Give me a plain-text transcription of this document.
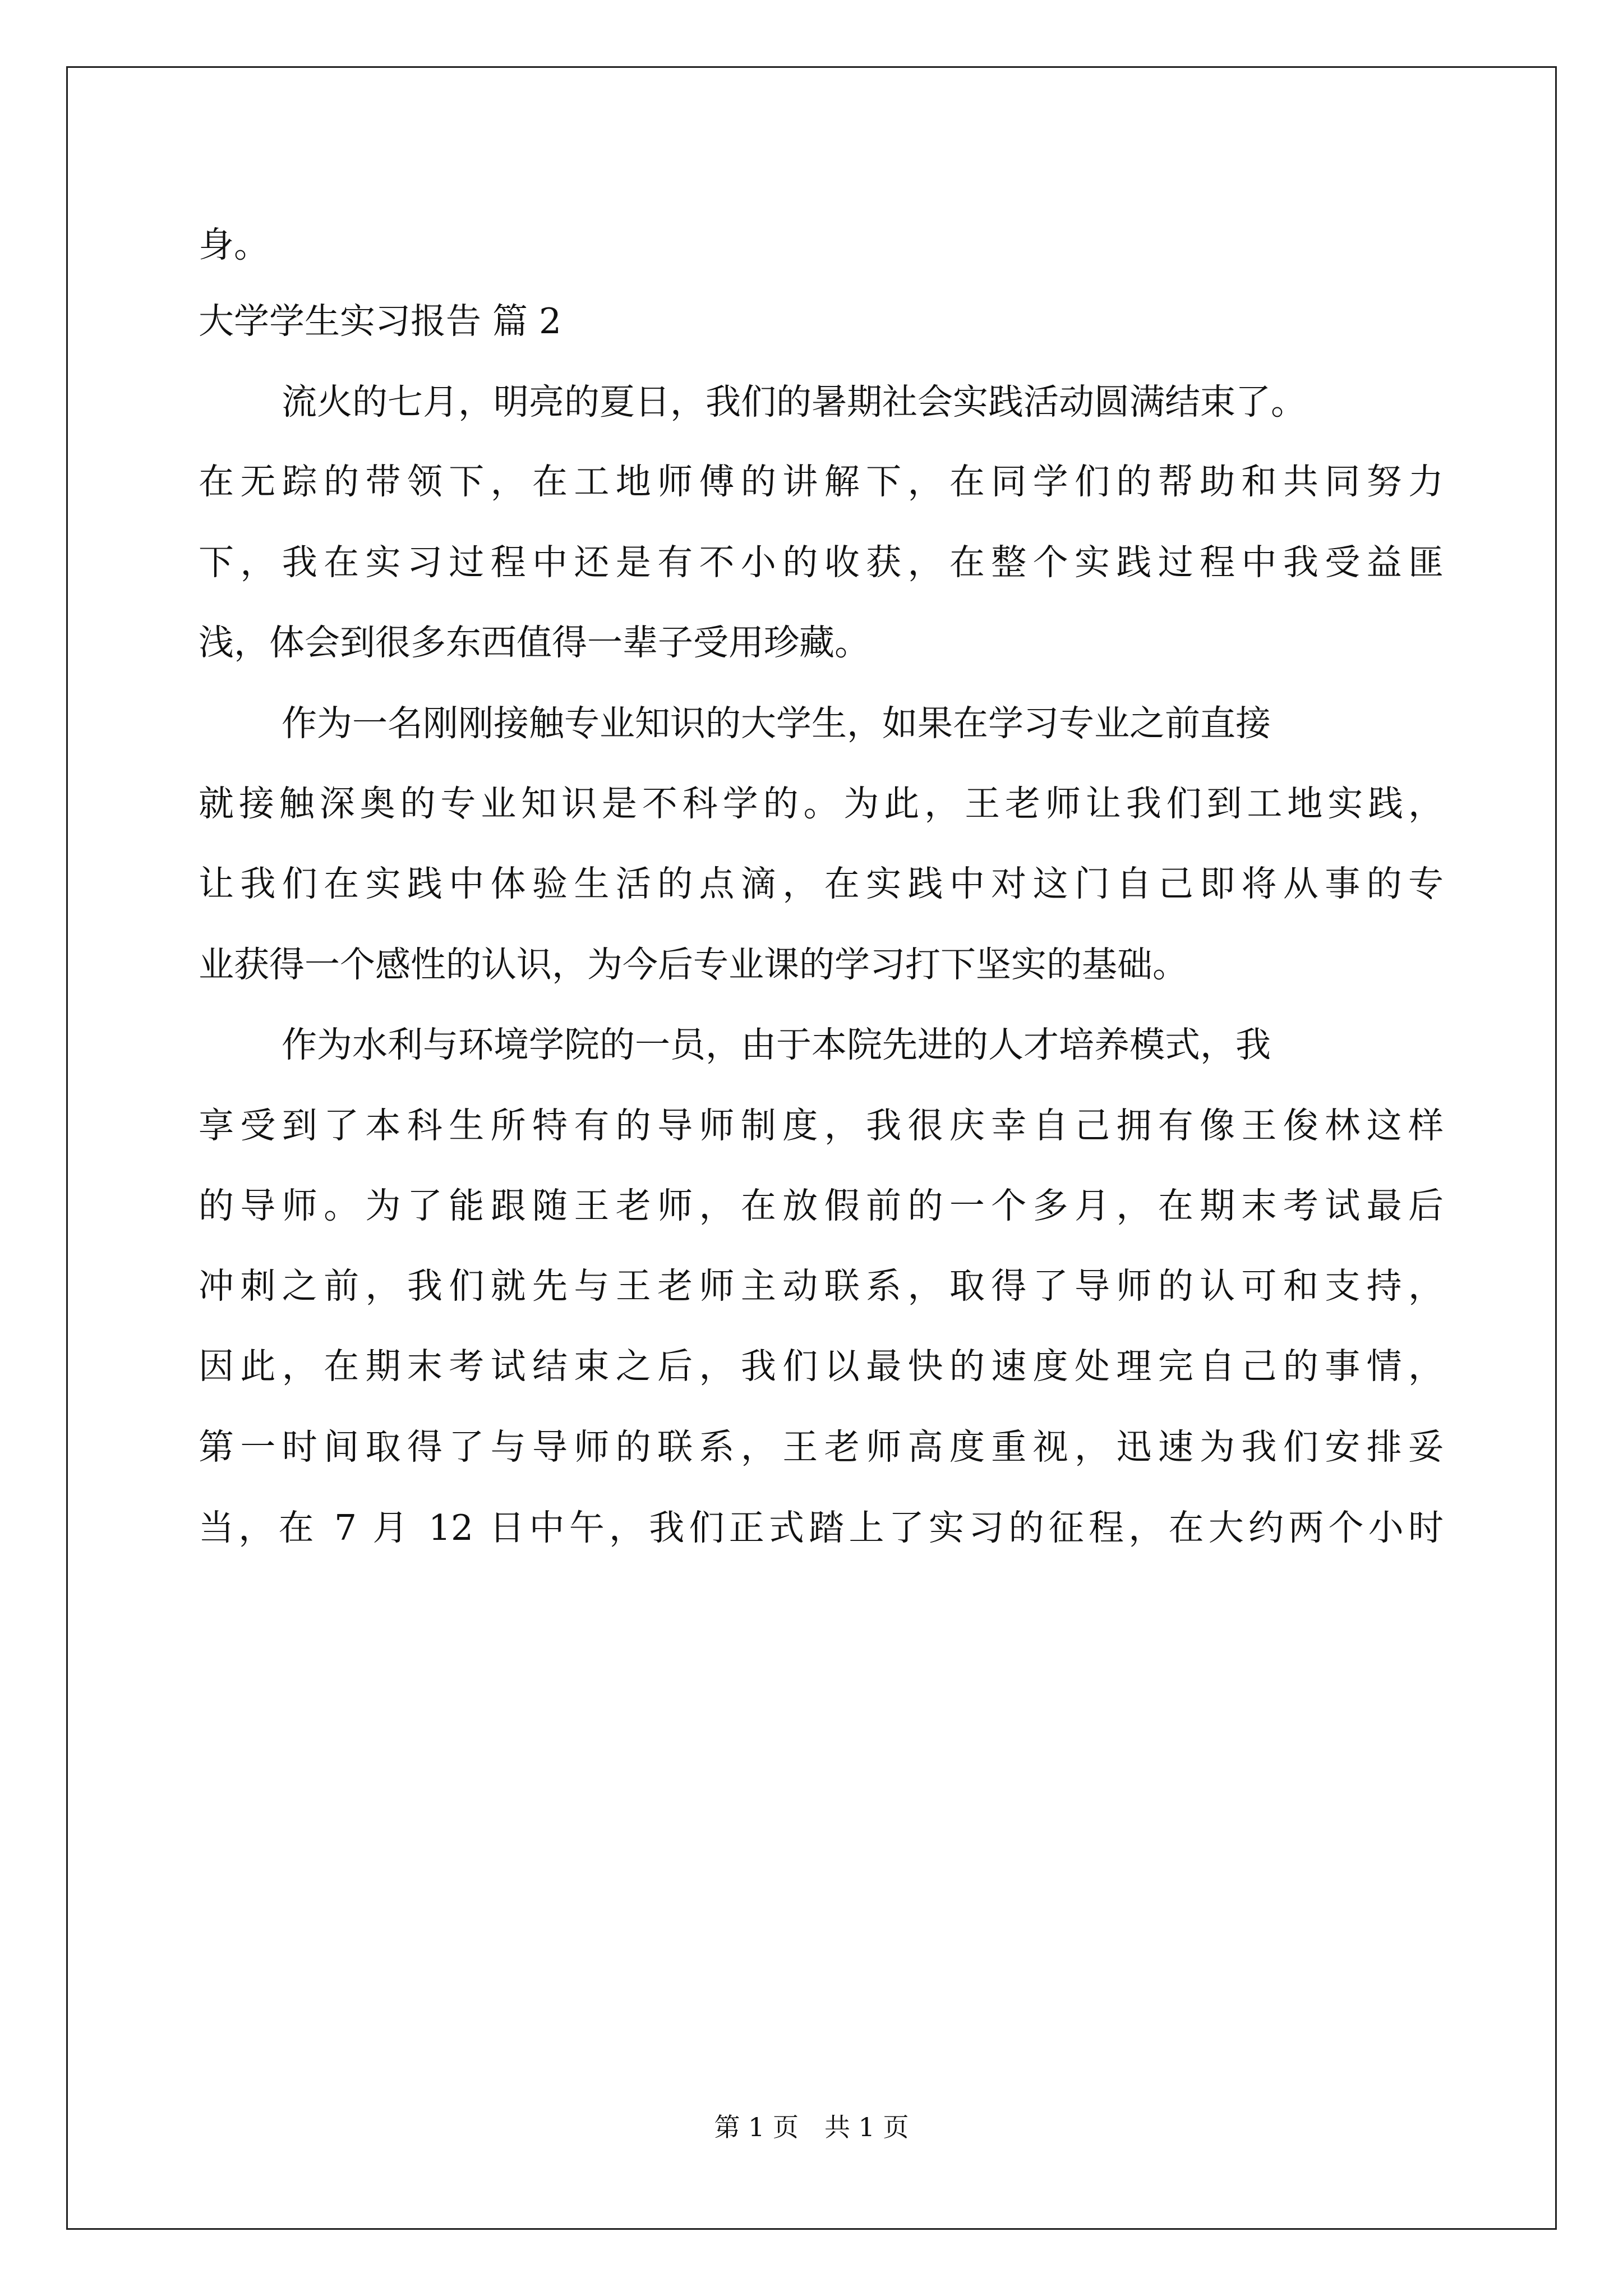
身。
大学学生实习报告 篇 2
流火的七月，明亮的夏日，我们的暑期社会实践活动圆满结束了。
在无踪的带领下，在工地师傅的讲解下，在同学们的帮助和共同努力
下，我在实习过程中还是有不小的收获，在整个实践过程中我受益匪
浅，体会到很多东西值得一辈子受用珍藏。
作为一名刚刚接触专业知识的大学生，如果在学习专业之前直接
就接触深奥的专业知识是不科学的。为此，王老师让我们到工地实践，
让我们在实践中体验生活的点滴，在实践中对这门自己即将从事的专
业获得一个感性的认识，为今后专业课的学习打下坚实的基础。
作为水利与环境学院的一员，由于本院先进的人才培养模式，我
享受到了本科生所特有的导师制度，我很庆幸自己拥有像王俊林这样
的导师。为了能跟随王老师，在放假前的一个多月，在期末考试最后
冲刺之前，我们就先与王老师主动联系，取得了导师的认可和支持，
因此，在期末考试结束之后，我们以最快的速度处理完自己的事情，
第一时间取得了与导师的联系，王老师高度重视，迅速为我们安排妥
当，在 7 月 12 日中午，我们正式踏上了实习的征程，在大约两个小时
第 1 页　共 1 页
